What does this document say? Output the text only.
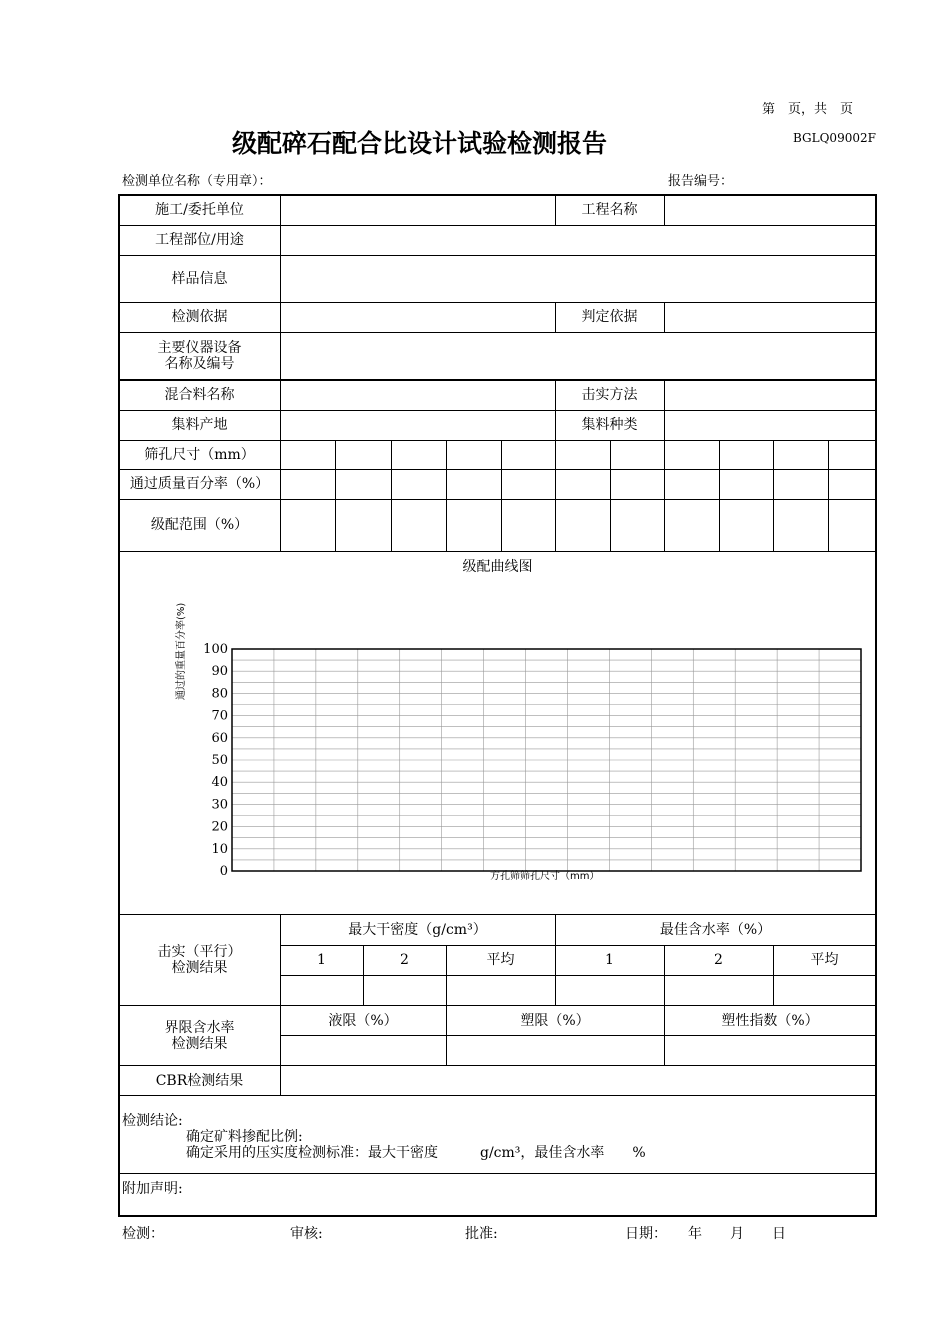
第　页，共　页
级配碎石配合比设计试验检测报告	BGLQ09002F
检测单位名称（专用章）：	报告编号：
施工/委托单位	工程名称
工程部位/用途
样品信息
检测依据	判定依据
主要仪器设备
名称及编号
混合料名称	击实方法
集料产地	集料种类
筛孔尺寸（mm）
通过质量百分率（%）
级配范围（%）
级配曲线图
通过的重量百分率(%)
方孔筛筛孔尺寸（mm）
0
10
20
30
40
50
60
70
80
90
100
击实（平行）
检测结果
最大干密度（g/cm³）	最佳含水率（%）
1	2	平均	1	2	平均
界限含水率
检测结果
液限（%）	塑限（%）	塑性指数（%）
CBR检测结果
检测结论:
确定矿料掺配比例:
确定采用的压实度检测标准：最大干密度　　　g/cm³，最佳含水率　　%
附加声明:
检测：	审核:	批准:	日期：　　年　　月　　日
